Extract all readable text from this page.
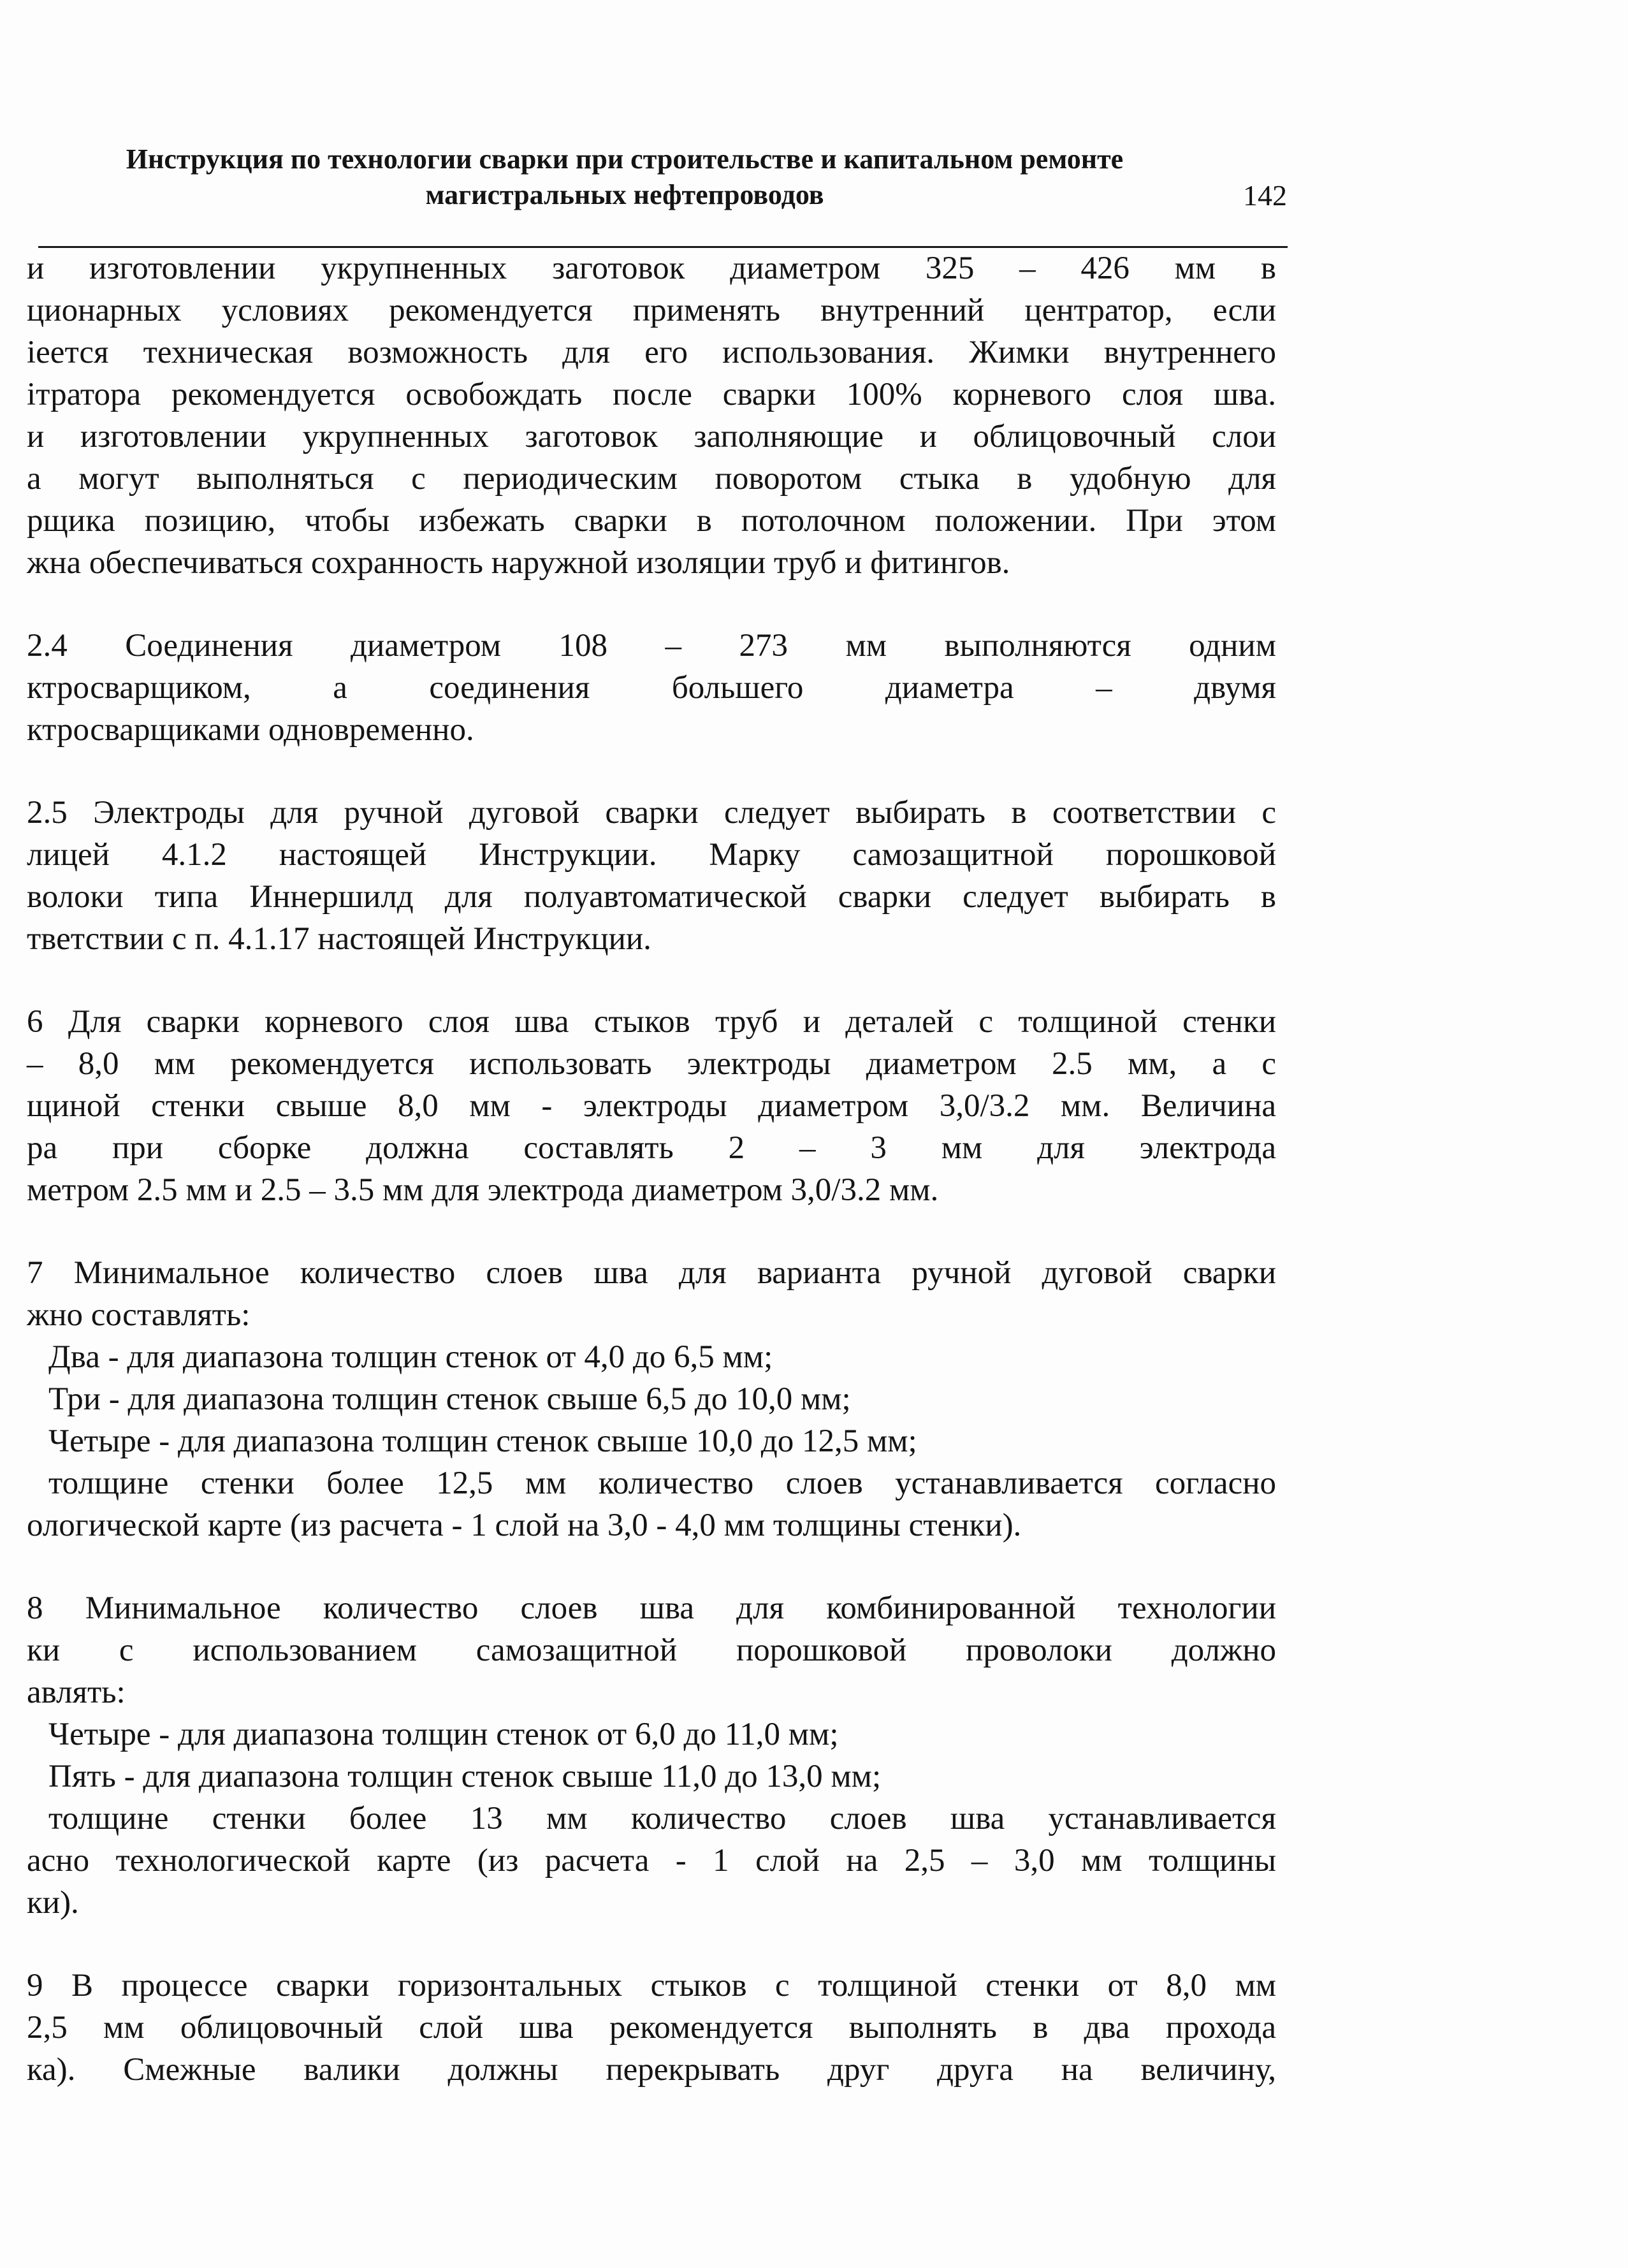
Инструкция по технологии сварки при строительстве и капитальном ремонте
магистральных нефтепроводов	142
и изготовлении укрупненных заготовок диаметром 325 – 426 мм в
ционарных условиях рекомендуется применять внутренний центратор, если
іеется техническая возможность для его использования. Жимки внутреннего
ітратора рекомендуется освобождать после сварки 100% корневого слоя шва.
и изготовлении укрупненных заготовок заполняющие и облицовочный слои
а могут выполняться с периодическим поворотом стыка в удобную для
рщика позицию, чтобы избежать сварки в потолочном положении. При этом
жна обеспечиваться сохранность наружной изоляции труб и фитингов.
2.4 Соединения диаметром 108 – 273 мм выполняются одним
ктросварщиком, а соединения большего диаметра – двумя
ктросварщиками одновременно.
2.5 Электроды для ручной дуговой сварки следует выбирать в соответствии с
лицей 4.1.2 настоящей Инструкции. Марку самозащитной порошковой
волоки типа Иннершилд для полуавтоматической сварки следует выбирать в
тветствии с п. 4.1.17 настоящей Инструкции.
6 Для сварки корневого слоя шва стыков труб и деталей с толщиной стенки
– 8,0 мм рекомендуется использовать электроды диаметром 2.5 мм, а с
щиной стенки свыше 8,0 мм - электроды диаметром 3,0/3.2 мм. Величина
ра при сборке должна составлять 2 – 3 мм для электрода
метром 2.5 мм и 2.5 – 3.5 мм для электрода диаметром 3,0/3.2 мм.
7 Минимальное количество слоев шва для варианта ручной дуговой сварки
жно составлять:
Два - для диапазона толщин стенок от 4,0 до 6,5 мм;
Три - для диапазона толщин стенок свыше 6,5 до 10,0 мм;
Четыре - для диапазона толщин стенок свыше 10,0 до 12,5 мм;
толщине стенки более 12,5 мм количество слоев устанавливается согласно
ологической карте (из расчета - 1 слой на 3,0 - 4,0 мм толщины стенки).
8 Минимальное количество слоев шва для комбинированной технологии
ки с использованием самозащитной порошковой проволоки должно
авлять:
Четыре - для диапазона толщин стенок от 6,0 до 11,0 мм;
Пять - для диапазона толщин стенок свыше 11,0 до 13,0 мм;
толщине стенки более 13 мм количество слоев шва устанавливается
асно технологической карте (из расчета - 1 слой на 2,5 – 3,0 мм толщины
ки).
9 В процессе сварки горизонтальных стыков с толщиной стенки от 8,0 мм
2,5 мм облицовочный слой шва рекомендуется выполнять в два прохода
ка). Смежные валики должны перекрывать друг друга на величину,
